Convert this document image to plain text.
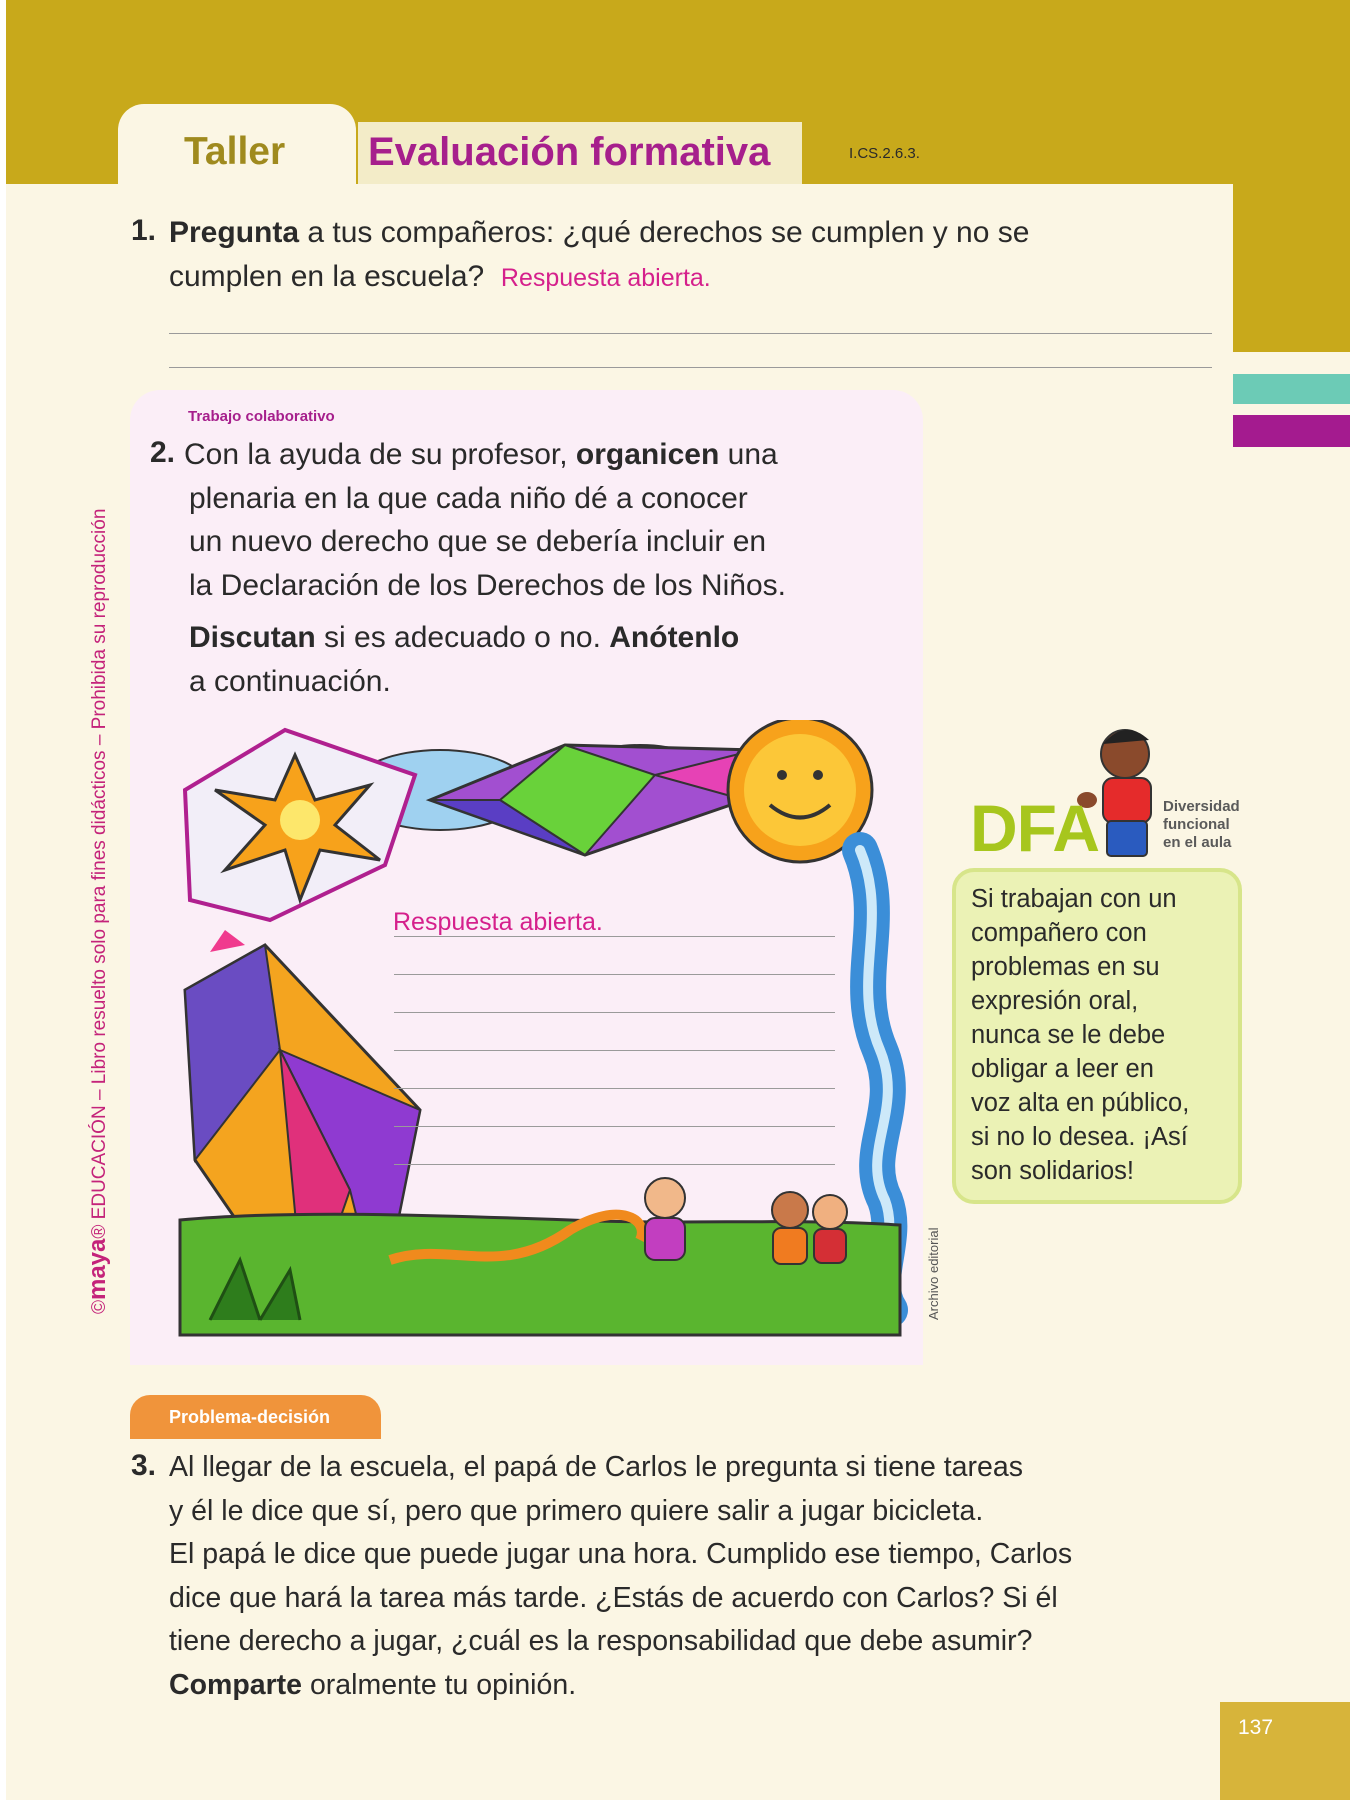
Taller Evaluación formativa	I.CS.2.6.3.
1. Pregunta a tus compañeros: ¿qué derechos se cumplen y no se
cumplen en la escuela? Respuesta abierta.
Trabajo colaborativo
2. Con la ayuda de su profesor, organicen una
plenaria en la que cada niño dé a conocer
un nuevo derecho que se debería incluir en
la Declaración de los Derechos de los Niños.
Discutan si es adecuado o no. Anótenlo
a continuación.
Respuesta abierta.
Archivo editorial
DFA	Diversidad
funcional
en el aula
Si trabajan con un
compañero con
problemas en su
expresión oral,
nunca se le debe
obligar a leer en
voz alta en público,
si no lo desea. ¡Así
son solidarios!
©maya® EDUCACIÓN – Libro resuelto solo para fines didácticos – Prohibida su reproducción
Problema-decisión
3. Al llegar de la escuela, el papá de Carlos le pregunta si tiene tareas
y él le dice que sí, pero que primero quiere salir a jugar bicicleta.
El papá le dice que puede jugar una hora. Cumplido ese tiempo, Carlos
dice que hará la tarea más tarde. ¿Estás de acuerdo con Carlos? Si él
tiene derecho a jugar, ¿cuál es la responsabilidad que debe asumir?
Comparte oralmente tu opinión.
137
